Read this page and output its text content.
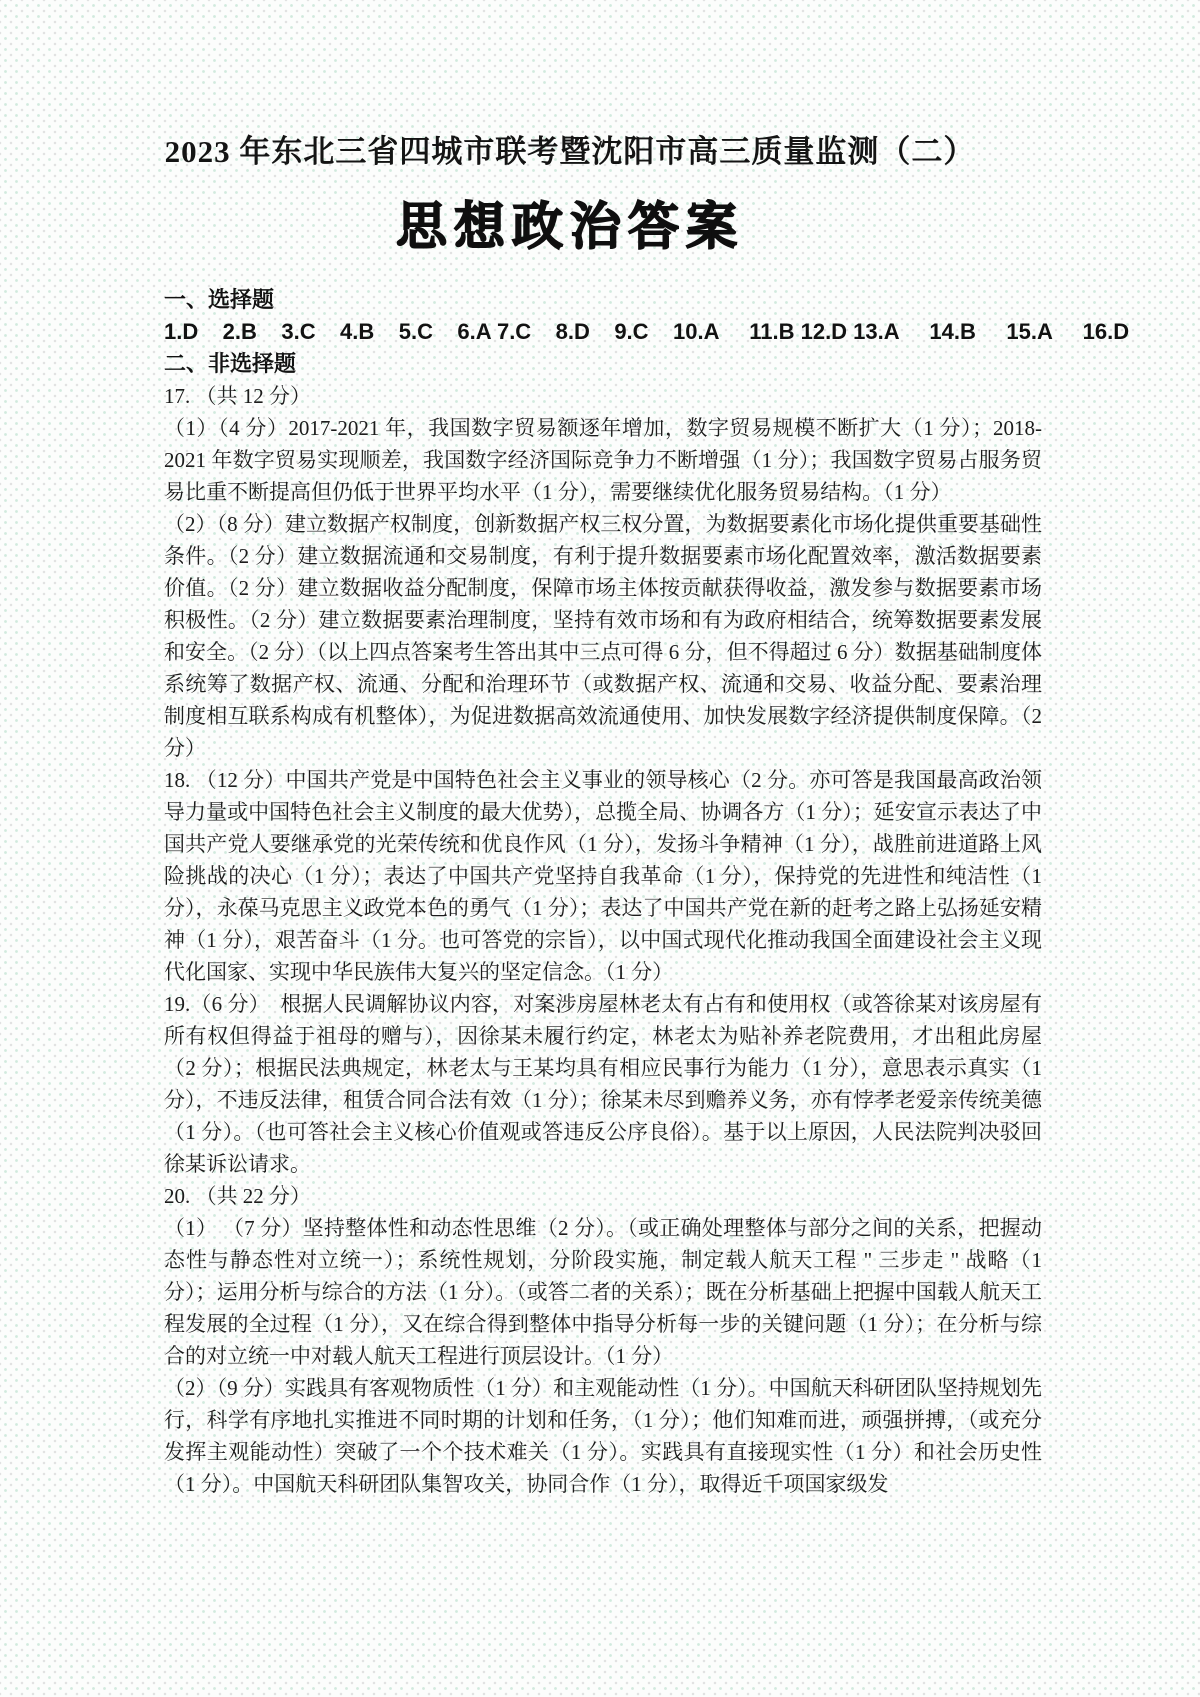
2023 年东北三省四城市联考暨沈阳市高三质量监测（二）
思想政治答案

一、选择题

1.D    2.B    3.C    4.B    5.C    6.A 7.C    8.D    9.C    10.A     11.B 12.D 13.A     14.B     15.A     16.D

二、非选择题

17. （共 12 分）

（1）（4 分）2017-2021 年，我国数字贸易额逐年增加，数字贸易规模不断扩大（1 分）；2018-2021 年数字贸易实现顺差，我国数字经济国际竞争力不断增强（1 分）；我国数字贸易占服务贸易比重不断提高但仍低于世界平均水平（1 分），需要继续优化服务贸易结构。（1 分）

（2）（8 分）建立数据产权制度，创新数据产权三权分置，为数据要素化市场化提供重要基础性条件。（2 分）建立数据流通和交易制度，有利于提升数据要素市场化配置效率，激活数据要素价值。（2 分）建立数据收益分配制度，保障市场主体按贡献获得收益，激发参与数据要素市场积极性。（2 分）建立数据要素治理制度，坚持有效市场和有为政府相结合，统筹数据要素发展和安全。（2 分）（以上四点答案考生答出其中三点可得 6 分，但不得超过 6 分）数据基础制度体系统筹了数据产权、流通、分配和治理环节（或数据产权、流通和交易、收益分配、要素治理制度相互联系构成有机整体），为促进数据高效流通使用、加快发展数字经济提供制度保障。（2 分）

18. （12 分）中国共产党是中国特色社会主义事业的领导核心（2 分。亦可答是我国最高政治领导力量或中国特色社会主义制度的最大优势），总揽全局、协调各方（1 分）；延安宣示表达了中国共产党人要继承党的光荣传统和优良作风（1 分），发扬斗争精神（1 分），战胜前进道路上风险挑战的决心（1 分）；表达了中国共产党坚持自我革命（1 分），保持党的先进性和纯洁性（1 分），永葆马克思主义政党本色的勇气（1 分）；表达了中国共产党在新的赶考之路上弘扬延安精神（1 分），艰苦奋斗（1 分。也可答党的宗旨），以中国式现代化推动我国全面建设社会主义现代化国家、实现中华民族伟大复兴的坚定信念。（1 分）

19.（6 分）　根据人民调解协议内容，对案涉房屋林老太有占有和使用权（或答徐某对该房屋有所有权但得益于祖母的赠与），因徐某未履行约定，林老太为贴补养老院费用，才出租此房屋（2 分）；根据民法典规定，林老太与王某均具有相应民事行为能力（1 分），意思表示真实（1 分），不违反法律，租赁合同合法有效（1 分）；徐某未尽到赡养义务，亦有悖孝老爱亲传统美德（1 分）。（也可答社会主义核心价值观或答违反公序良俗）。基于以上原因，人民法院判决驳回徐某诉讼请求。

20. （共 22 分）

（1） （7 分）坚持整体性和动态性思维（2 分）。（或正确处理整体与部分之间的关系，把握动态性与静态性对立统一）；系统性规划，分阶段实施，制定载人航天工程 " 三步走 " 战略（1 分）；运用分析与综合的方法（1 分）。（或答二者的关系）；既在分析基础上把握中国载人航天工程发展的全过程（1 分），又在综合得到整体中指导分析每一步的关键问题（1 分）；在分析与综合的对立统一中对载人航天工程进行顶层设计。（1 分）

（2）（9 分）实践具有客观物质性（1 分）和主观能动性（1 分）。中国航天科研团队坚持规划先行，科学有序地扎实推进不同时期的计划和任务，（1 分）；他们知难而进，顽强拼搏，（或充分发挥主观能动性）突破了一个个技术难关（1 分）。实践具有直接现实性（1 分）和社会历史性（1 分）。中国航天科研团队集智攻关，协同合作（1 分），取得近千项国家级发
